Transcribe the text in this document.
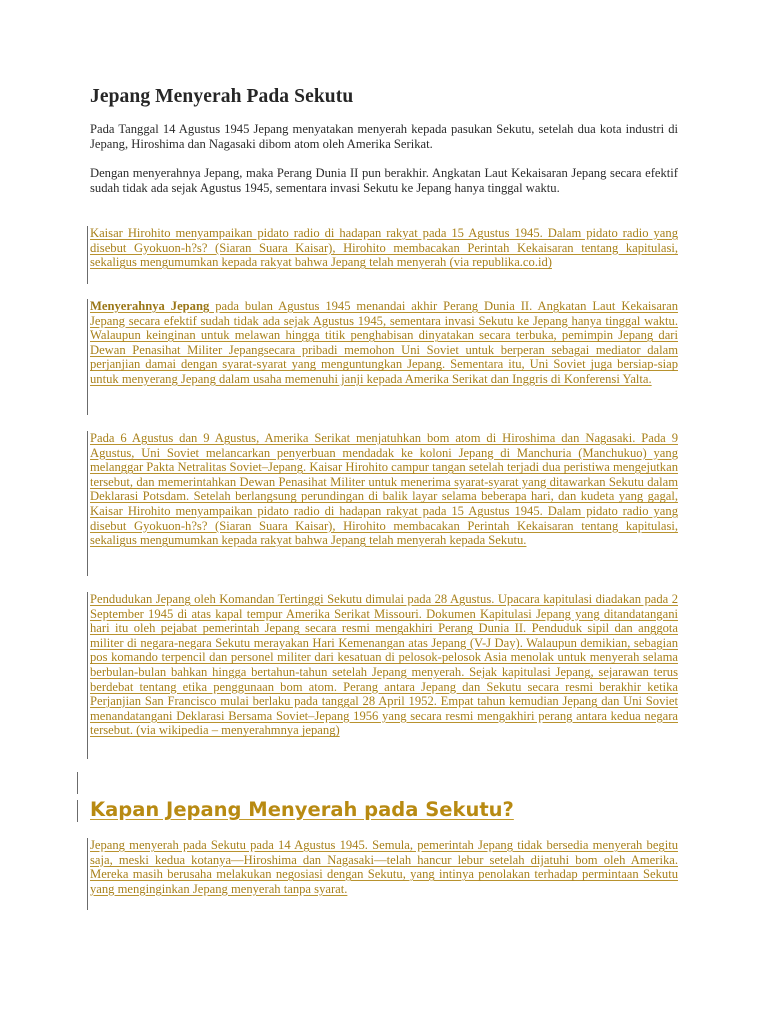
Jepang Menyerah Pada Sekutu

Pada Tanggal 14 Agustus 1945 Jepang menyatakan menyerah kepada pasukan Sekutu, setelah dua kota industri di Jepang, Hiroshima dan Nagasaki dibom atom oleh Amerika Serikat.

Dengan menyerahnya Jepang, maka Perang Dunia II pun berakhir. Angkatan Laut Kekaisaran Jepang secara efektif sudah tidak ada sejak Agustus 1945, sementara invasi Sekutu ke Jepang hanya tinggal waktu.

Kaisar Hirohito menyampaikan pidato radio di hadapan rakyat pada 15 Agustus 1945. Dalam pidato radio yang disebut Gyokuon-h?s? (Siaran Suara Kaisar), Hirohito membacakan Perintah Kekaisaran tentang kapitulasi, sekaligus mengumumkan kepada rakyat bahwa Jepang telah menyerah (via republika.co.id)

Menyerahnya Jepang pada bulan Agustus 1945 menandai akhir Perang Dunia II. Angkatan Laut Kekaisaran Jepang secara efektif sudah tidak ada sejak Agustus 1945, sementara invasi Sekutu ke Jepang hanya tinggal waktu. Walaupun keinginan untuk melawan hingga titik penghabisan dinyatakan secara terbuka, pemimpin Jepang dari Dewan Penasihat Militer Jepangsecara pribadi memohon Uni Soviet untuk berperan sebagai mediator dalam perjanjian damai dengan syarat-syarat yang menguntungkan Jepang. Sementara itu, Uni Soviet juga bersiap-siap untuk menyerang Jepang dalam usaha memenuhi janji kepada Amerika Serikat dan Inggris di Konferensi Yalta.

Pada 6 Agustus dan 9 Agustus, Amerika Serikat menjatuhkan bom atom di Hiroshima dan Nagasaki. Pada 9 Agustus, Uni Soviet melancarkan penyerbuan mendadak ke koloni Jepang di Manchuria (Manchukuo) yang melanggar Pakta Netralitas Soviet–Jepang. Kaisar Hirohito campur tangan setelah terjadi dua peristiwa mengejutkan tersebut, dan memerintahkan Dewan Penasihat Militer untuk menerima syarat-syarat yang ditawarkan Sekutu dalam Deklarasi Potsdam. Setelah berlangsung perundingan di balik layar selama beberapa hari, dan kudeta yang gagal, Kaisar Hirohito menyampaikan pidato radio di hadapan rakyat pada 15 Agustus 1945. Dalam pidato radio yang disebut Gyokuon-h?s? (Siaran Suara Kaisar), Hirohito membacakan Perintah Kekaisaran tentang kapitulasi, sekaligus mengumumkan kepada rakyat bahwa Jepang telah menyerah kepada Sekutu.

Pendudukan Jepang oleh Komandan Tertinggi Sekutu dimulai pada 28 Agustus. Upacara kapitulasi diadakan pada 2 September 1945 di atas kapal tempur Amerika Serikat Missouri. Dokumen Kapitulasi Jepang yang ditandatangani hari itu oleh pejabat pemerintah Jepang secara resmi mengakhiri Perang Dunia II. Penduduk sipil dan anggota militer di negara-negara Sekutu merayakan Hari Kemenangan atas Jepang (V-J Day). Walaupun demikian, sebagian pos komando terpencil dan personel militer dari kesatuan di pelosok-pelosok Asia menolak untuk menyerah selama berbulan-bulan bahkan hingga bertahun-tahun setelah Jepang menyerah. Sejak kapitulasi Jepang, sejarawan terus berdebat tentang etika penggunaan bom atom. Perang antara Jepang dan Sekutu secara resmi berakhir ketika Perjanjian San Francisco mulai berlaku pada tanggal 28 April 1952. Empat tahun kemudian Jepang dan Uni Soviet menandatangani Deklarasi Bersama Soviet–Jepang 1956 yang secara resmi mengakhiri perang antara kedua negara tersebut. (via wikipedia – menyerahmnya jepang)

Kapan Jepang Menyerah pada Sekutu?

Jepang menyerah pada Sekutu pada 14 Agustus 1945. Semula, pemerintah Jepang tidak bersedia menyerah begitu saja, meski kedua kotanya—Hiroshima dan Nagasaki—telah hancur lebur setelah dijatuhi bom oleh Amerika. Mereka masih berusaha melakukan negosiasi dengan Sekutu, yang intinya penolakan terhadap permintaan Sekutu yang menginginkan Jepang menyerah tanpa syarat.
